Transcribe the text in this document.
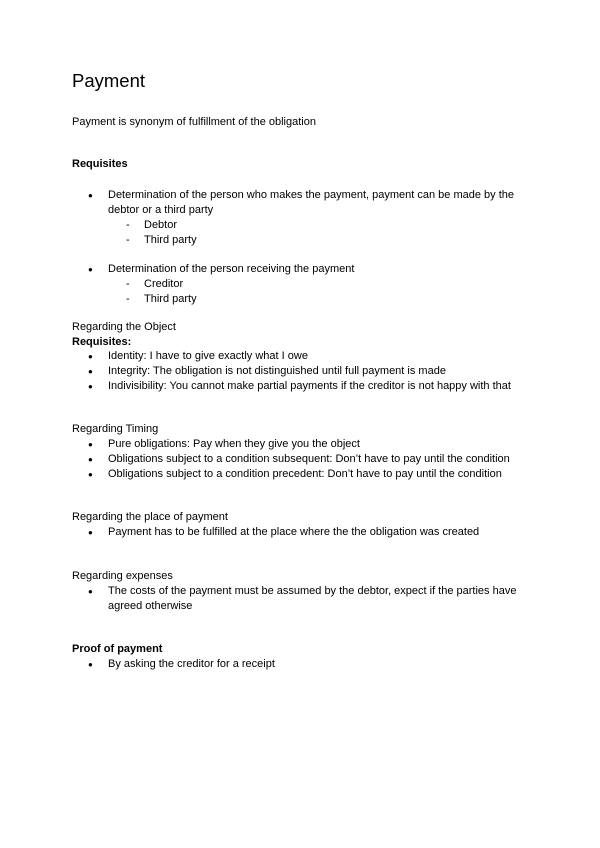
Payment

Payment is synonym of fulfillment of the obligation

Requisites

● Determination of the person who makes the payment, payment can be made by the debtor or a third party
- Debtor
- Third party
● Determination of the person receiving the payment
- Creditor
- Third party

Regarding the Object

Requisites:

● Identity: I have to give exactly what I owe
● Integrity: The obligation is not distinguished until full payment is made
● Indivisibility: You cannot make partial payments if the creditor is not happy with that

Regarding Timing

● Pure obligations: Pay when they give you the object
● Obligations subject to a condition subsequent: Don’t have to pay until the condition
● Obligations subject to a condition precedent: Don’t have to pay until the condition

Regarding the place of payment

● Payment has to be fulfilled at the place where the the obligation was created

Regarding expenses

● The costs of the payment must be assumed by the debtor, expect if the parties have agreed otherwise

Proof of payment

● By asking the creditor for a receipt
